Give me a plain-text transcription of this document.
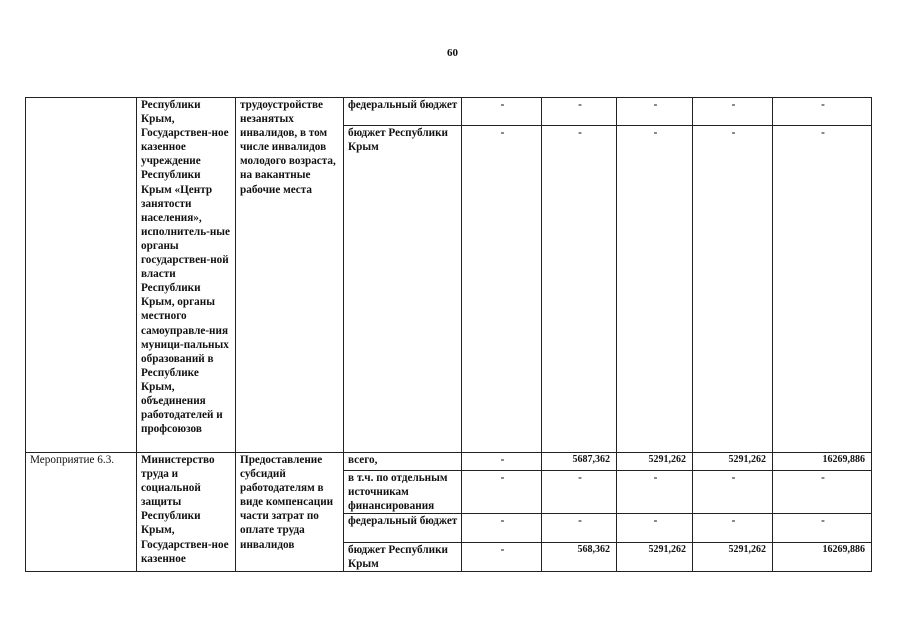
60
	Республики Крым, Государствен-ное казенное учреждение Республики Крым «Центр занятости населения», исполнитель-ные органы государствен-ной власти Республики Крым, органы местного самоуправле-ния муници-пальных образований в Республике Крым, объединения работодателей и профсоюзов	трудоустройстве незанятых инвалидов, в том числе инвалидов молодого возраста, на вакантные рабочие места	федеральный бюджет	-	-	-	-	-
			бюджет Республики Крым	-	-	-	-	-
Мероприятие 6.3.	Министерство труда и социальной защиты Республики Крым, Государствен-ное казенное	Предоставление субсидий работодателям в виде компенсации части затрат по оплате труда инвалидов	всего,	-	5687,362	5291,262	5291,262	16269,886
			в т.ч. по отдельным источникам финансирования	-	-	-	-	-
			федеральный бюджет	-	-	-	-	-
			бюджет Республики Крым	-	568,362	5291,262	5291,262	16269,886
